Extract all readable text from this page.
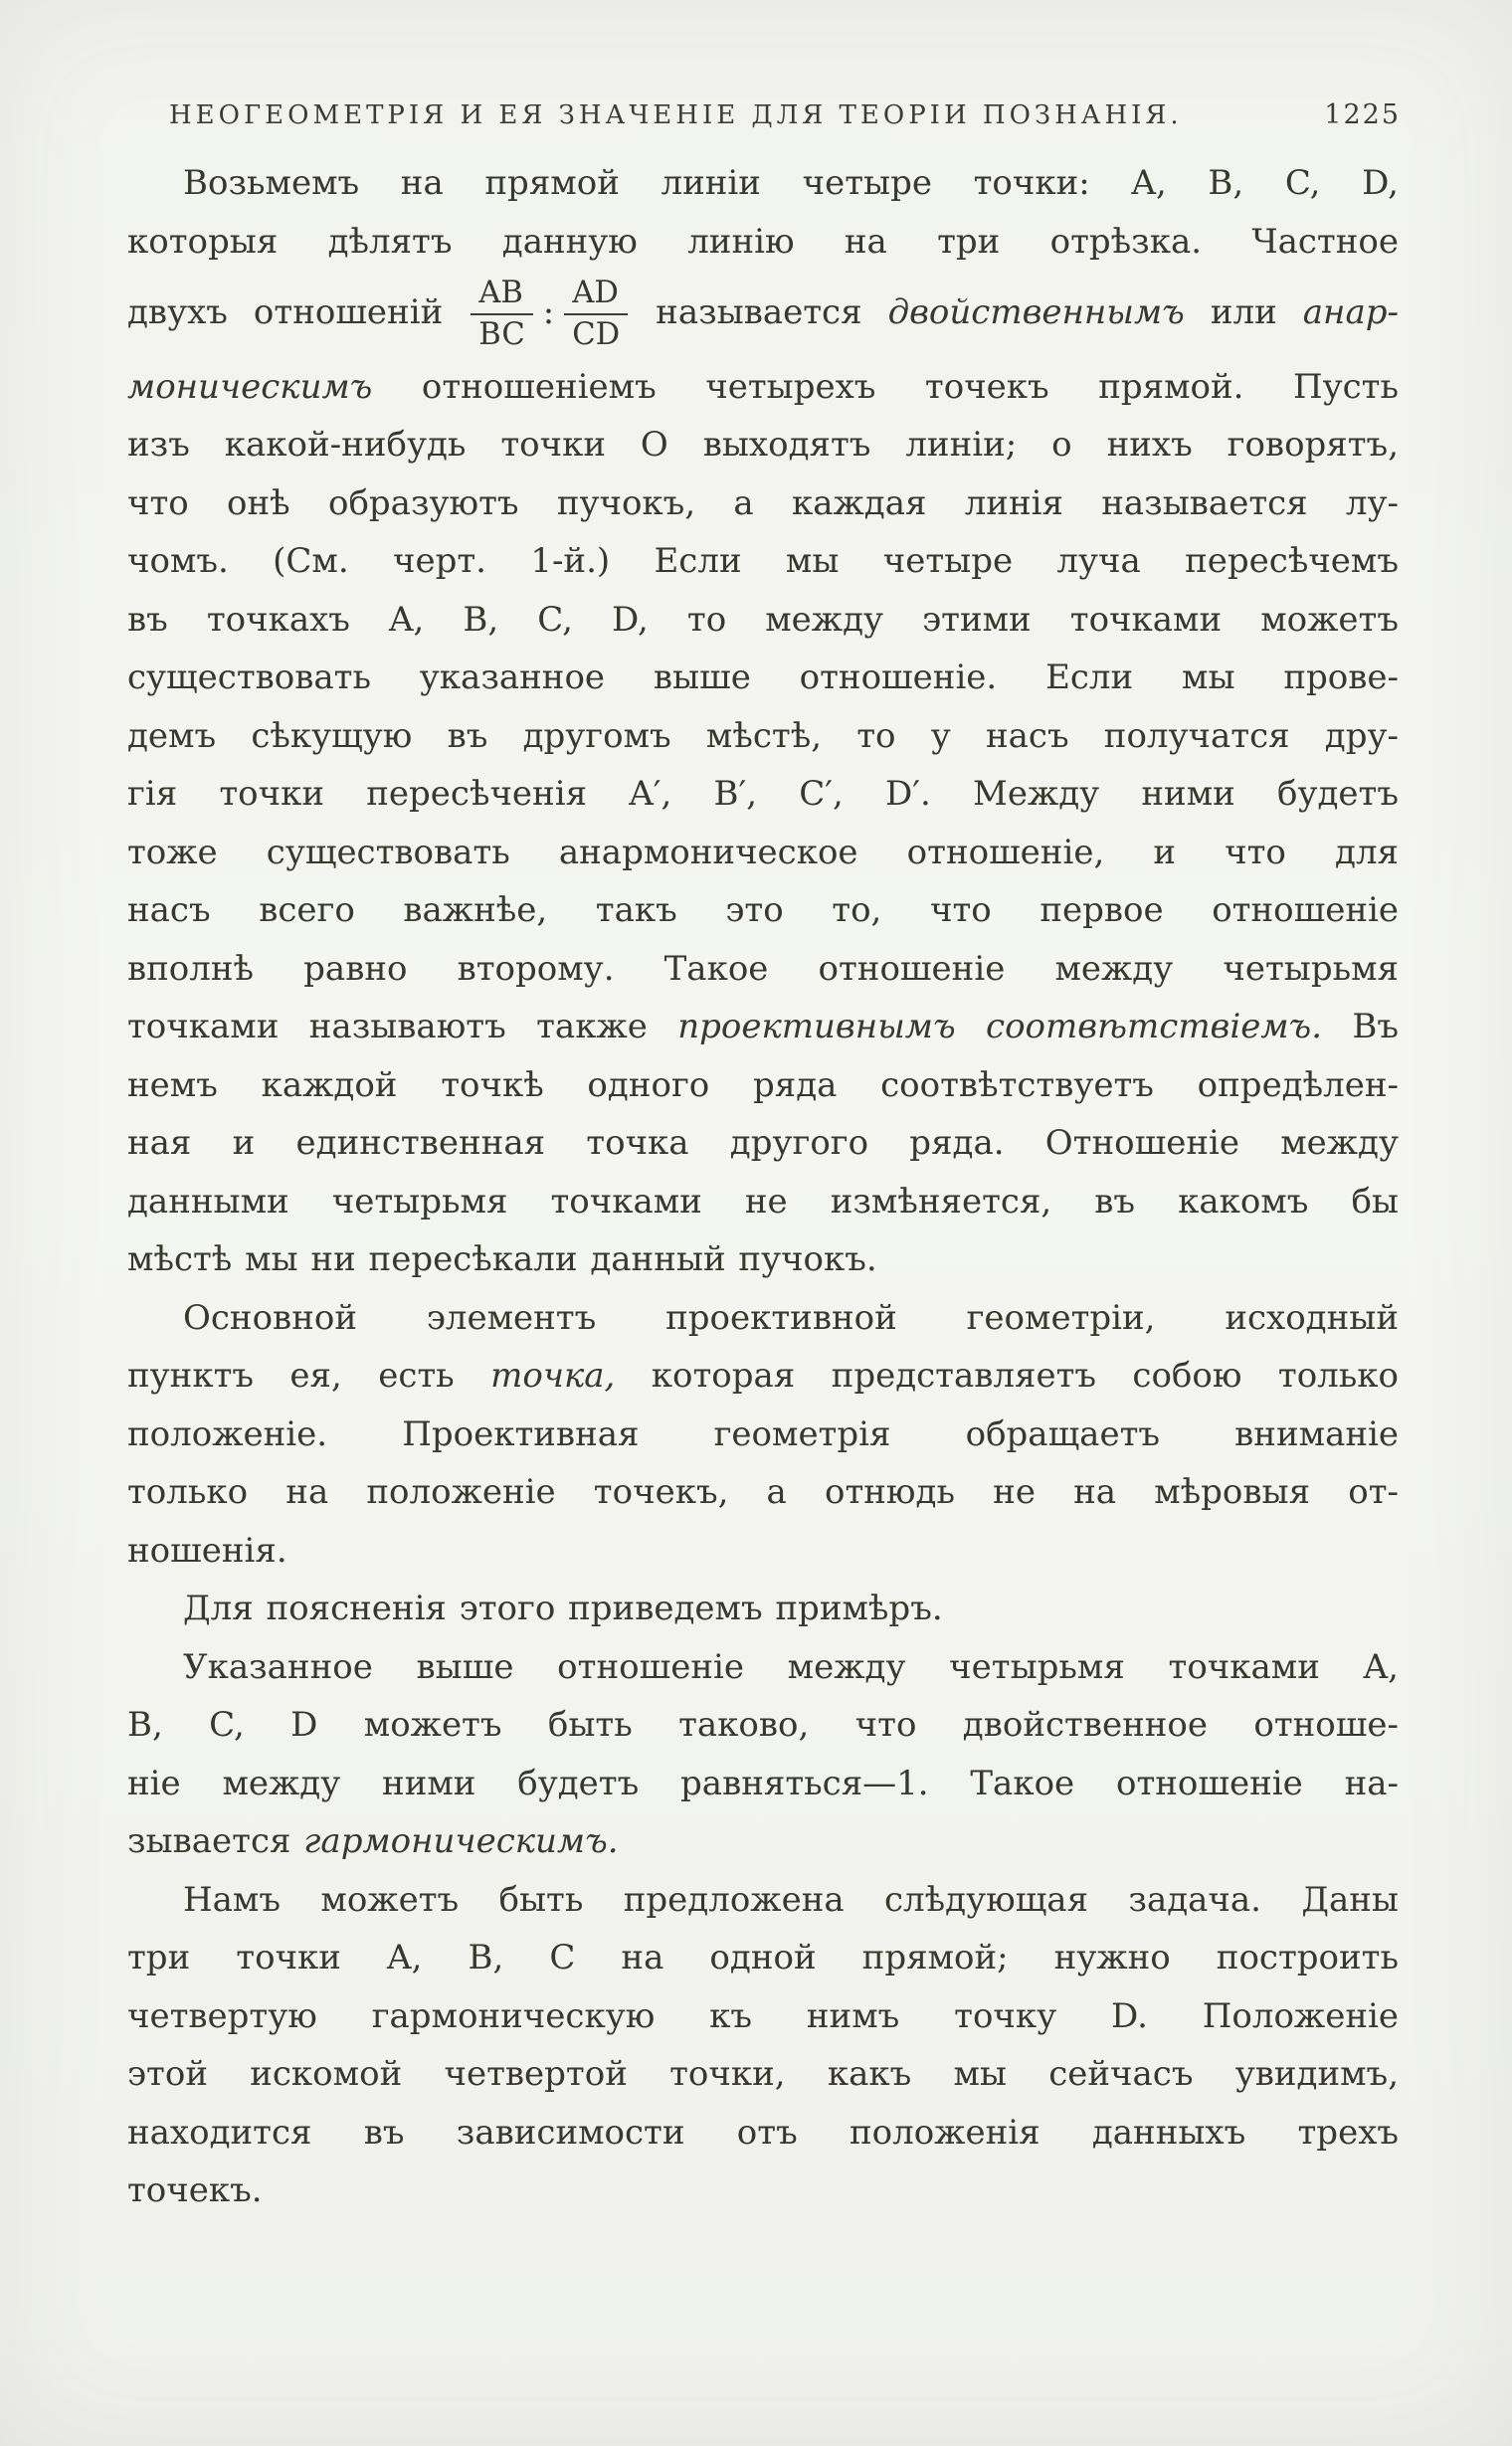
НЕОГЕОМЕТРІЯ И ЕЯ ЗНАЧЕНІЕ ДЛЯ ТЕОРІИ ПОЗНАНІЯ.	1225
Возьмемъ на прямой линіи четыре точки: A, B, C, D,
которыя дѣлятъ данную линію на три отрѣзка. Частное
двухъ отношеній $\frac{AB}{BC}$ : $\frac{AD}{CD}$ называется двойственнымъ или анар-
моническимъ отношеніемъ четырехъ точекъ прямой. Пусть
изъ какой-нибудь точки O выходятъ линіи; о нихъ говорятъ,
что онѣ образуютъ пучокъ, а каждая линія называется лу-
чомъ. (См. черт. 1-й.) Если мы четыре луча пересѣчемъ
въ точкахъ A, B, C, D, то между этими точками можетъ
существовать указанное выше отношеніе. Если мы прове-
демъ сѣкущую въ другомъ мѣстѣ, то у насъ получатся дру-
гія точки пересѣченія A′, B′, C′, D′. Между ними будетъ
тоже существовать анармоническое отношеніе, и что для
насъ всего важнѣе, такъ это то, что первое отношеніе
вполнѣ равно второму. Такое отношеніе между четырьмя
точками называютъ также проективнымъ соотвѣтствіемъ. Въ
немъ каждой точкѣ одного ряда соотвѣтствуетъ опредѣлен-
ная и единственная точка другого ряда. Отношеніе между
данными четырьмя точками не измѣняется, въ какомъ бы
мѣстѣ мы ни пересѣкали данный пучокъ.
Основной элементъ проективной геометріи, исходный
пунктъ ея, есть точка, которая представляетъ собою только
положеніе. Проективная геометрія обращаетъ вниманіе
только на положеніе точекъ, а отнюдь не на мѣровыя от-
ношенія.
Для поясненія этого приведемъ примѣръ.
Указанное выше отношеніе между четырьмя точками A,
B, C, D можетъ быть таково, что двойственное отноше-
ніе между ними будетъ равняться—1. Такое отношеніе на-
зывается гармоническимъ.
Намъ можетъ быть предложена слѣдующая задача. Даны
три точки A, B, C на одной прямой; нужно построить
четвертую гармоническую къ нимъ точку D. Положеніе
этой искомой четвертой точки, какъ мы сейчасъ увидимъ,
находится въ зависимости отъ положенія данныхъ трехъ
точекъ.
